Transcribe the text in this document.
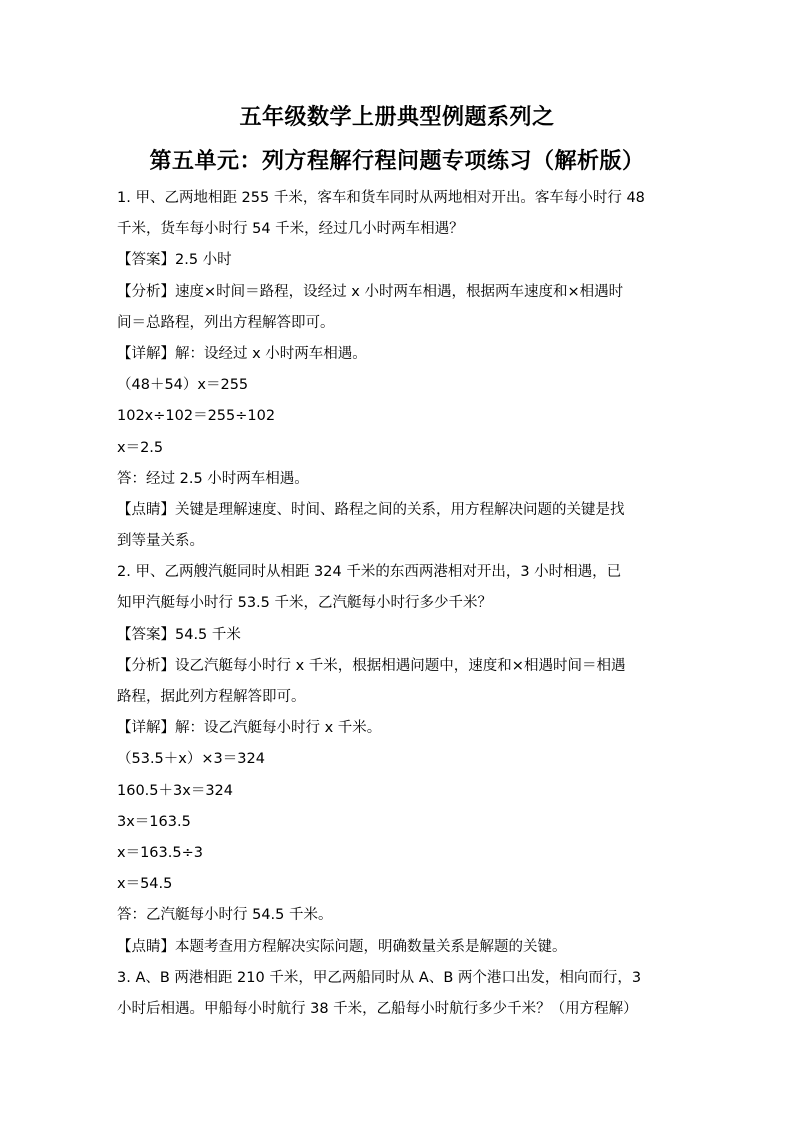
五年级数学上册典型例题系列之
第五单元：列方程解行程问题专项练习（解析版）
1. 甲、乙两地相距 255 千米，客车和货车同时从两地相对开出。客车每小时行 48
千米，货车每小时行 54 千米，经过几小时两车相遇？
【答案】2.5 小时
【分析】速度×时间＝路程，设经过 x 小时两车相遇，根据两车速度和×相遇时
间＝总路程，列出方程解答即可。
【详解】解：设经过 x 小时两车相遇。
（48＋54）x＝255
102x÷102＝255÷102
x＝2.5
答：经过 2.5 小时两车相遇。
【点睛】关键是理解速度、时间、路程之间的关系，用方程解决问题的关键是找
到等量关系。
2. 甲、乙两艘汽艇同时从相距 324 千米的东西两港相对开出，3 小时相遇，已
知甲汽艇每小时行 53.5 千米，乙汽艇每小时行多少千米？
【答案】54.5 千米
【分析】设乙汽艇每小时行 x 千米，根据相遇问题中，速度和×相遇时间＝相遇
路程，据此列方程解答即可。
【详解】解：设乙汽艇每小时行 x 千米。
（53.5＋x）×3＝324
160.5＋3x＝324
3x＝163.5
x＝163.5÷3
x＝54.5
答：乙汽艇每小时行 54.5 千米。
【点睛】本题考查用方程解决实际问题，明确数量关系是解题的关键。
3. A、B 两港相距 210 千米，甲乙两船同时从 A、B 两个港口出发，相向而行，3
小时后相遇。甲船每小时航行 38 千米，乙船每小时航行多少千米？（用方程解）
